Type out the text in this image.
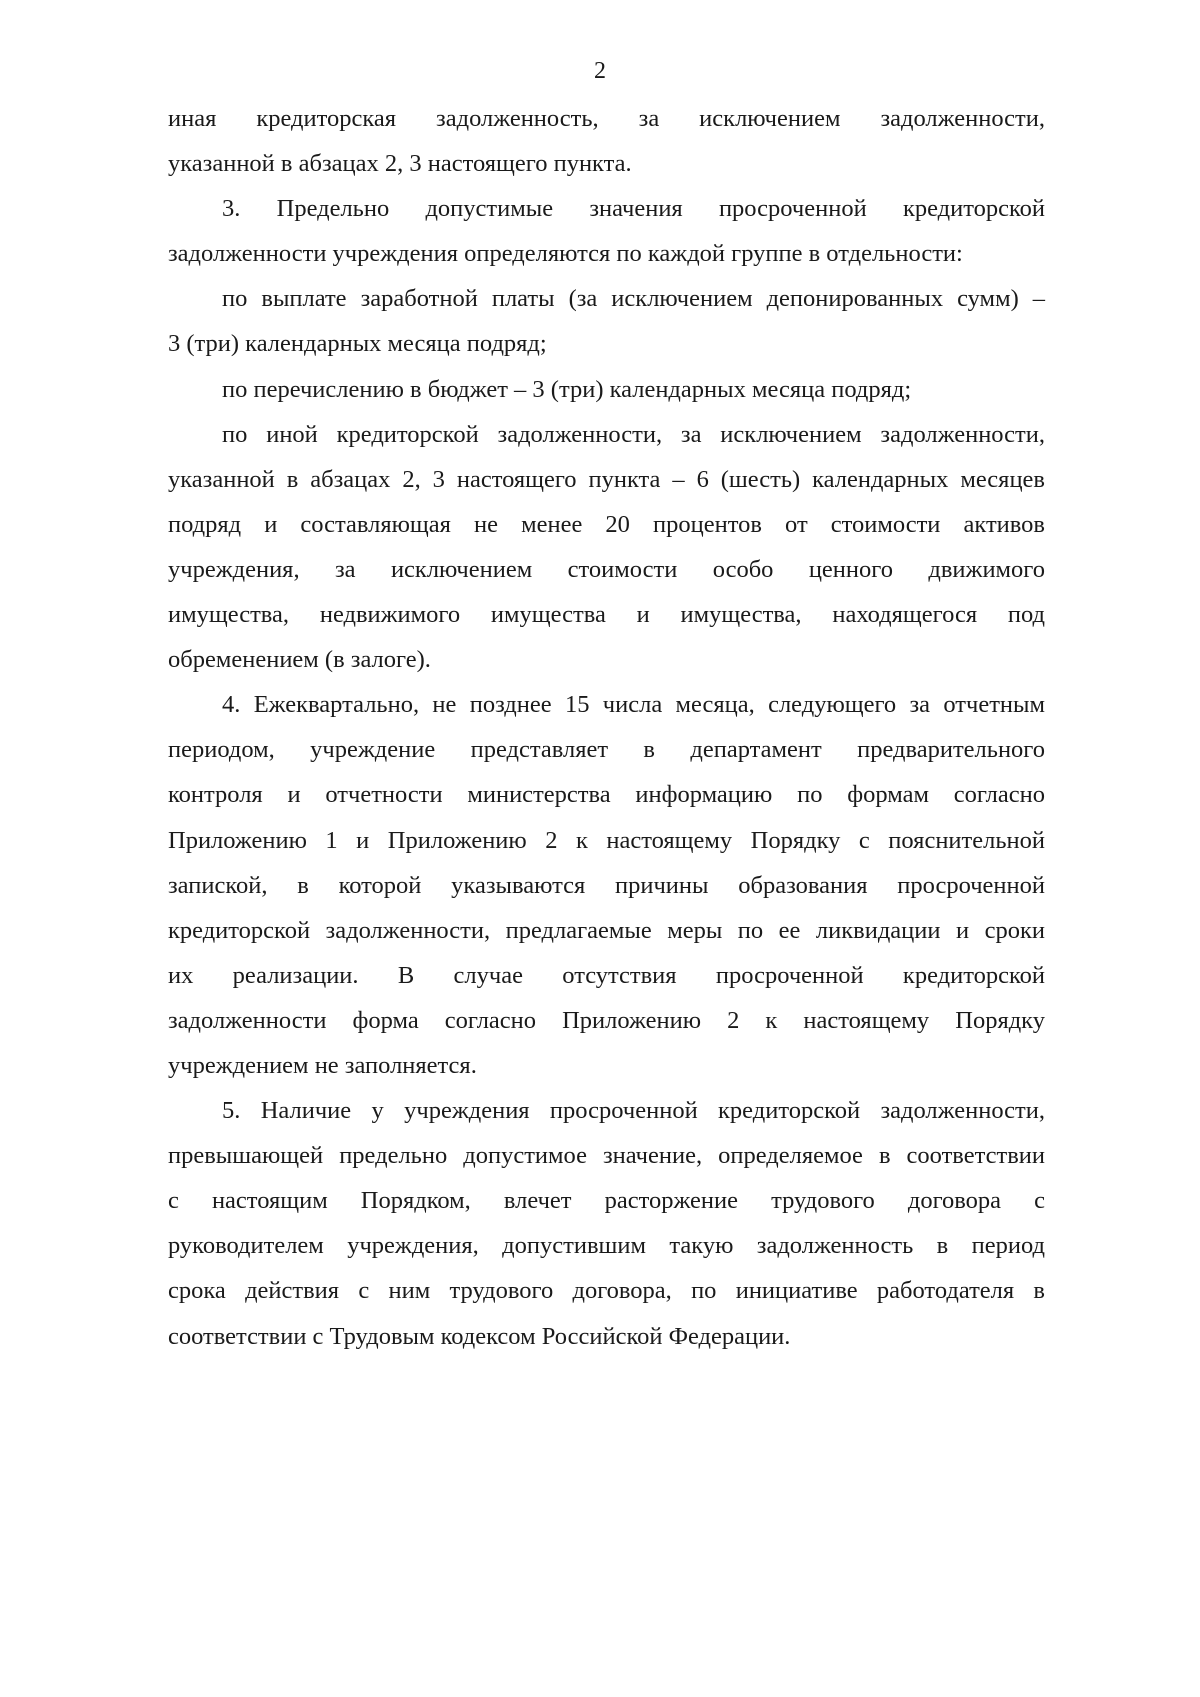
2
иная кредиторская задолженность, за исключением задолженности,
указанной в абзацах 2, 3 настоящего пункта.
3. Предельно допустимые значения просроченной кредиторской
задолженности учреждения определяются по каждой группе в отдельности:
по выплате заработной платы (за исключением депонированных сумм) –
3 (три) календарных месяца подряд;
по перечислению в бюджет – 3 (три) календарных месяца подряд;
по иной кредиторской задолженности, за исключением задолженности,
указанной в абзацах 2, 3 настоящего пункта – 6 (шесть) календарных месяцев
подряд и составляющая не менее 20 процентов от стоимости активов
учреждения, за исключением стоимости особо ценного движимого
имущества, недвижимого имущества и имущества, находящегося под
обременением (в залоге).
4. Ежеквартально, не позднее 15 числа месяца, следующего за отчетным
периодом, учреждение представляет в департамент предварительного
контроля и отчетности министерства информацию по формам согласно
Приложению 1 и Приложению 2 к настоящему Порядку с пояснительной
запиской, в которой указываются причины образования просроченной
кредиторской задолженности, предлагаемые меры по ее ликвидации и сроки
их реализации. В случае отсутствия просроченной кредиторской
задолженности форма согласно Приложению 2 к настоящему Порядку
учреждением не заполняется.
5. Наличие у учреждения просроченной кредиторской задолженности,
превышающей предельно допустимое значение, определяемое в соответствии
с настоящим Порядком, влечет расторжение трудового договора с
руководителем учреждения, допустившим такую задолженность в период
срока действия с ним трудового договора, по инициативе работодателя в
соответствии с Трудовым кодексом Российской Федерации.
